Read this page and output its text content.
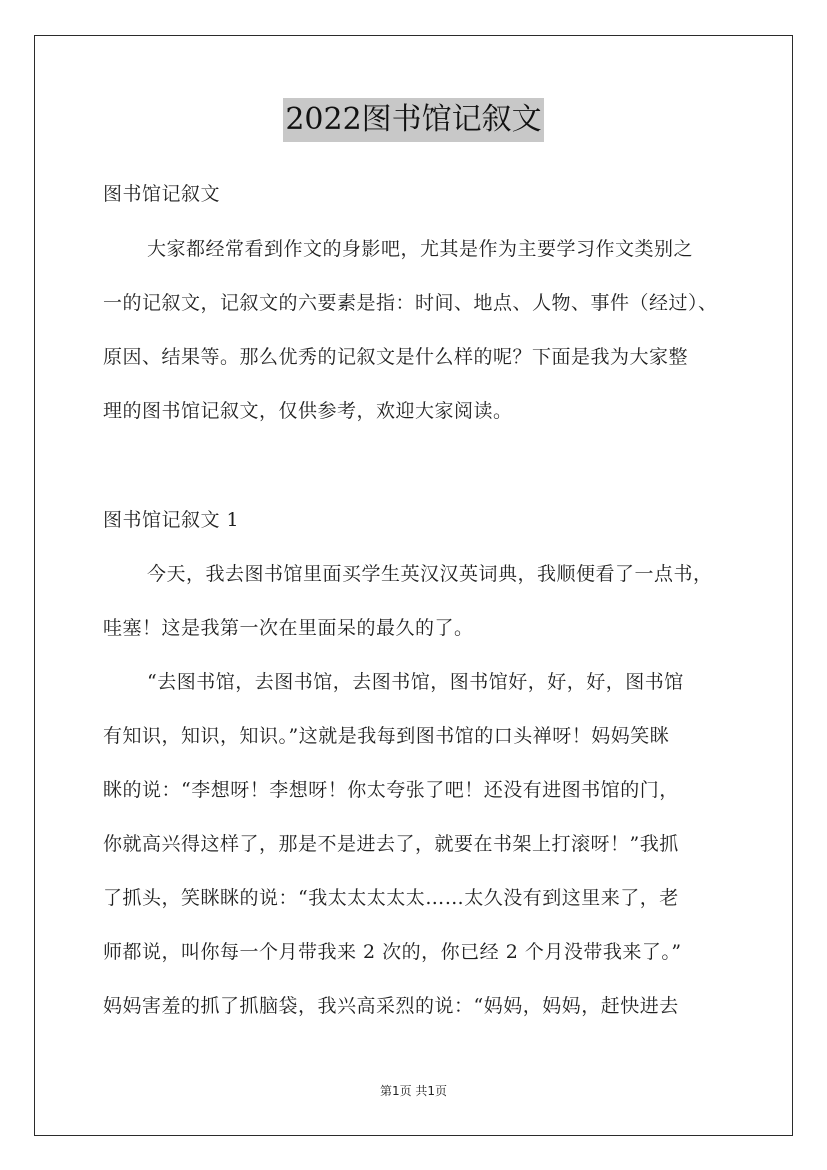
2022图书馆记叙文
图书馆记叙文
大家都经常看到作文的身影吧，尤其是作为主要学习作文类别之
一的记叙文，记叙文的六要素是指：时间、地点、人物、事件（经过）、
原因、结果等。那么优秀的记叙文是什么样的呢？下面是我为大家整
理的图书馆记叙文，仅供参考，欢迎大家阅读。
图书馆记叙文 1
今天，我去图书馆里面买学生英汉汉英词典，我顺便看了一点书，
哇塞！这是我第一次在里面呆的最久的了。
“去图书馆，去图书馆，去图书馆，图书馆好，好，好，图书馆
有知识，知识，知识。”这就是我每到图书馆的口头禅呀！妈妈笑眯
眯的说：“李想呀！李想呀！你太夸张了吧！还没有进图书馆的门，
你就高兴得这样了，那是不是进去了，就要在书架上打滚呀！”我抓
了抓头，笑眯眯的说：“我太太太太太……太久没有到这里来了，老
师都说，叫你每一个月带我来 2 次的，你已经 2 个月没带我来了。”
妈妈害羞的抓了抓脑袋，我兴高采烈的说：“妈妈，妈妈，赶快进去
第1页 共1页
